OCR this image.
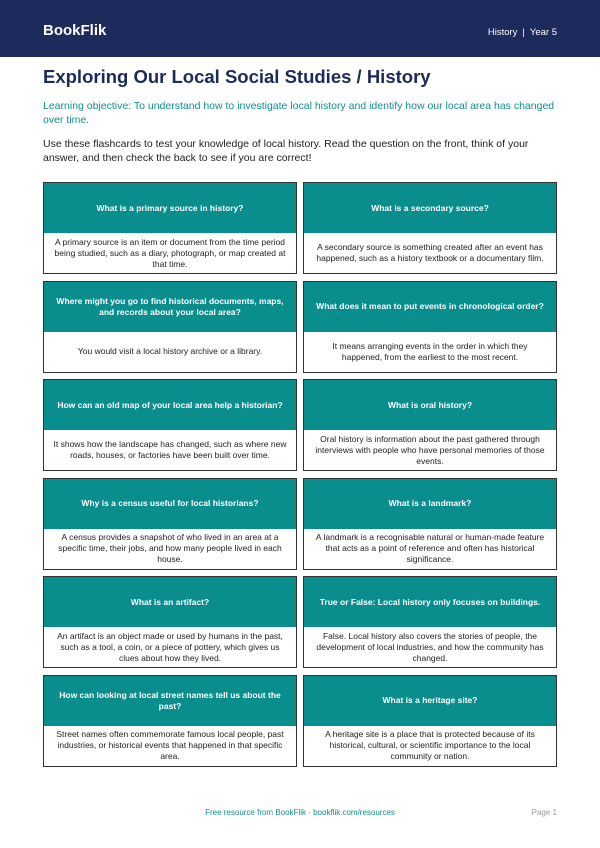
BookFlik	History | Year 5
Exploring Our Local Social Studies / History

Learning objective: To understand how to investigate local history and identify how our local area has changed over time.

Use these flashcards to test your knowledge of local history. Read the question on the front, think of your answer, and then check the back to see if you are correct!

What is a primary source in history?
A primary source is an item or document from the time period being studied, such as a diary, photograph, or map created at that time.
What is a secondary source?
A secondary source is something created after an event has happened, such as a history textbook or a documentary film.
Where might you go to find historical documents, maps, and records about your local area?
You would visit a local history archive or a library.
What does it mean to put events in chronological order?
It means arranging events in the order in which they happened, from the earliest to the most recent.
How can an old map of your local area help a historian?
It shows how the landscape has changed, such as where new roads, houses, or factories have been built over time.
What is oral history?
Oral history is information about the past gathered through interviews with people who have personal memories of those events.
Why is a census useful for local historians?
A census provides a snapshot of who lived in an area at a specific time, their jobs, and how many people lived in each house.
What is a landmark?
A landmark is a recognisable natural or human-made feature that acts as a point of reference and often has historical significance.
What is an artifact?
An artifact is an object made or used by humans in the past, such as a tool, a coin, or a piece of pottery, which gives us clues about how they lived.
True or False: Local history only focuses on buildings.
False. Local history also covers the stories of people, the development of local industries, and how the community has changed.
How can looking at local street names tell us about the past?
Street names often commemorate famous local people, past industries, or historical events that happened in that specific area.
What is a heritage site?
A heritage site is a place that is protected because of its historical, cultural, or scientific importance to the local community or nation.
Free resource from BookFlik · bookflik.com/resources	Page 1
